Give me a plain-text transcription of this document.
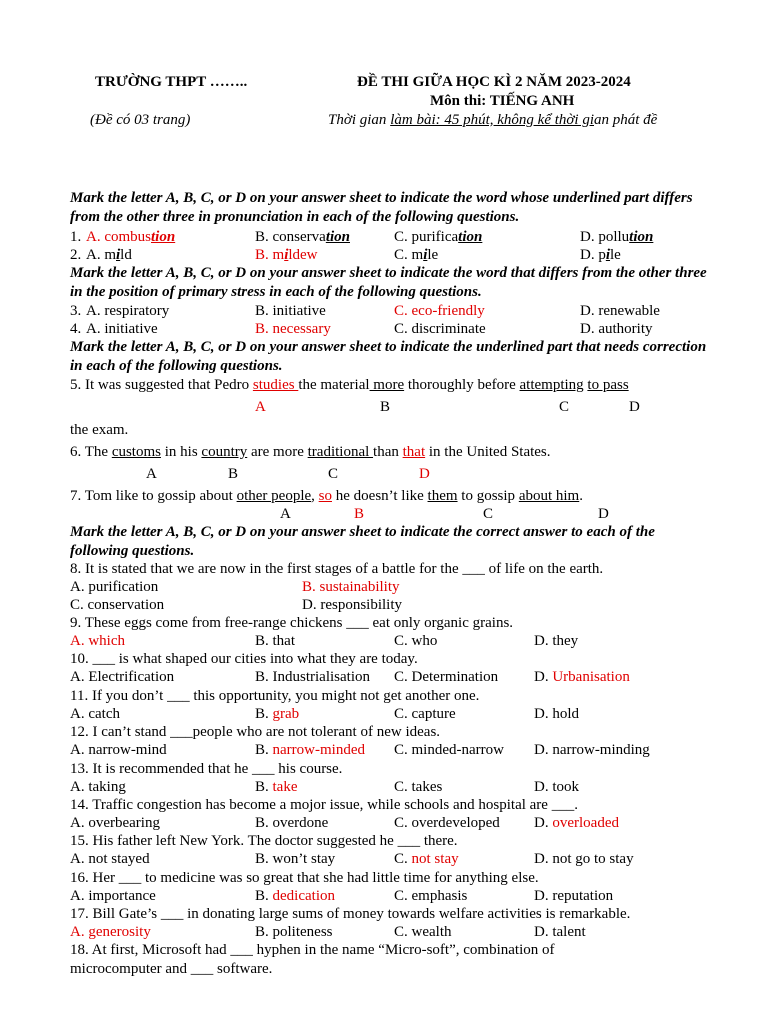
TRƯỜNG THPT ……..
(Đề có 03 trang)
ĐỀ THI GIỮA HỌC KÌ 2 NĂM 2023-2024
Môn thi: TIẾNG ANH
Thời gian làm bài: 45 phút, không kể thời gian phát đề
Mark the letter A, B, C, or D on your answer sheet to indicate the word whose underlined part differs from the other three in pronunciation in each of the following questions.
1. A. combustion	B. conservation	C. purification	D. pollution
2. A. mild	B. mildew	C. mile	D. pile
Mark the letter A, B, C, or D on your answer sheet to indicate the word that differs from the other three in the position of primary stress in each of the following questions.
3. A. respiratory	B. initiative	C. eco-friendly	D. renewable
4. A. initiative	B. necessary	C. discriminate	D. authority
Mark the letter A, B, C, or D on your answer sheet to indicate the underlined part that needs correction in each of the following questions.
5. It was suggested that Pedro studies the material more thoroughly before attempting to pass
A	B	C	D
the exam.
6. The customs in his country are more traditional than that in the United States.
A	B	C	D
7. Tom like to gossip about other people, so he doesn’t like them to gossip about him.
A	B	C	D
Mark the letter A, B, C, or D on your answer sheet to indicate the correct answer to each of the following questions.
8. It is stated that we are now in the first stages of a battle for the ___ of life on the earth.
A. purification	B. sustainability
C. conservation	D. responsibility
9. These eggs come from free-range chickens ___ eat only organic grains.
A. which	B. that	C. who	D. they
10. ___ is what shaped our cities into what they are today.
A. Electrification	B. Industrialisation C. Determination D. Urbanisation
11. If you don’t ___ this opportunity, you might not get another one.
A. catch	B. grab	C. capture	D. hold
12. I can’t stand ___people who are not tolerant of new ideas.
A. narrow-mind	B. narrow-minded C. minded-narrow D. narrow-minding
13. It is recommended that he ___ his course.
A. taking	B. take	C. takes	D. took
14. Traffic congestion has become a mojor issue, while schools and hospital are ___.
A. overbearing	B. overdone	C. overdeveloped D. overloaded
15. His father left New York. The doctor suggested he ___ there.
A. not stayed	B. won’t stay	C. not stay	D. not go to stay
16. Her ___ to medicine was so great that she had little time for anything else.
A. importance	B. dedication	C. emphasis	D. reputation
17. Bill Gate’s ___ in donating large sums of money towards welfare activities is remarkable.
A. generosity	B. politeness	C. wealth	D. talent
18. At first, Microsoft had ___ hyphen in the name “Micro-soft”, combination of
microcomputer and ___ software.
